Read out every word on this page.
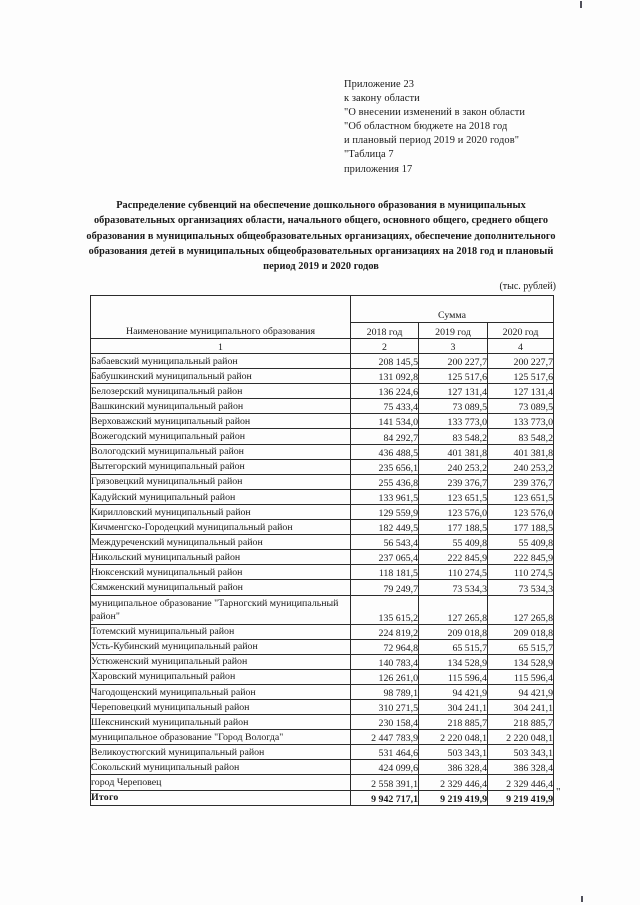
Приложение 23
к закону области
"О внесении изменений в закон области
"Об областном бюджете на 2018 год
и плановый период 2019 и 2020 годов"
"Таблица 7
приложения 17
Распределение субвенций на обеспечение дошкольного образования в муниципальных образовательных организациях области, начального общего, основного общего, среднего общего образования в муниципальных общеобразовательных организациях, обеспечение дополнительного образования детей в муниципальных общеобразовательных организациях на 2018 год и плановый период 2019 и 2020 годов
(тыс. рублей)
Наименование муниципального образования	Сумма		
	2018 год	2019 год	2020 год
1	2	3	4
Бабаевский муниципальный район	208 145,5	200 227,7	200 227,7
Бабушкинский муниципальный район	131 092,8	125 517,6	125 517,6
Белозерский муниципальный район	136 224,6	127 131,4	127 131,4
Вашкинский муниципальный район	75 433,4	73 089,5	73 089,5
Верховажский муниципальный район	141 534,0	133 773,0	133 773,0
Вожегодский муниципальный район	84 292,7	83 548,2	83 548,2
Вологодский муниципальный район	436 488,5	401 381,8	401 381,8
Вытегорский муниципальный район	235 656,1	240 253,2	240 253,2
Грязовецкий муниципальный район	255 436,8	239 376,7	239 376,7
Кадуйский муниципальный район	133 961,5	123 651,5	123 651,5
Кирилловский муниципальный район	129 559,9	123 576,0	123 576,0
Кичменгско-Городецкий муниципальный район	182 449,5	177 188,5	177 188,5
Междуреченский муниципальный район	56 543,4	55 409,8	55 409,8
Никольский муниципальный район	237 065,4	222 845,9	222 845,9
Нюксенский муниципальный район	118 181,5	110 274,5	110 274,5
Сямженский муниципальный район	79 249,7	73 534,3	73 534,3
муниципальное образование "Тарногский муниципальный район"	135 615,2	127 265,8	127 265,8
Тотемский муниципальный район	224 819,2	209 018,8	209 018,8
Усть-Кубинский муниципальный район	72 964,8	65 515,7	65 515,7
Устюженский муниципальный район	140 783,4	134 528,9	134 528,9
Харовский муниципальный район	126 261,0	115 596,4	115 596,4
Чагодощенский муниципальный район	98 789,1	94 421,9	94 421,9
Череповецкий муниципальный район	310 271,5	304 241,1	304 241,1
Шекснинский муниципальный район	230 158,4	218 885,7	218 885,7
муниципальное образование "Город Вологда"	2 447 783,9	2 220 048,1	2 220 048,1
Великоустюгский муниципальный район	531 464,6	503 343,1	503 343,1
Сокольский муниципальный район	424 099,6	386 328,4	386 328,4
город Череповец	2 558 391,1	2 329 446,4	2 329 446,4
Итого	9 942 717,1	9 219 419,9	9 219 419,9
"
